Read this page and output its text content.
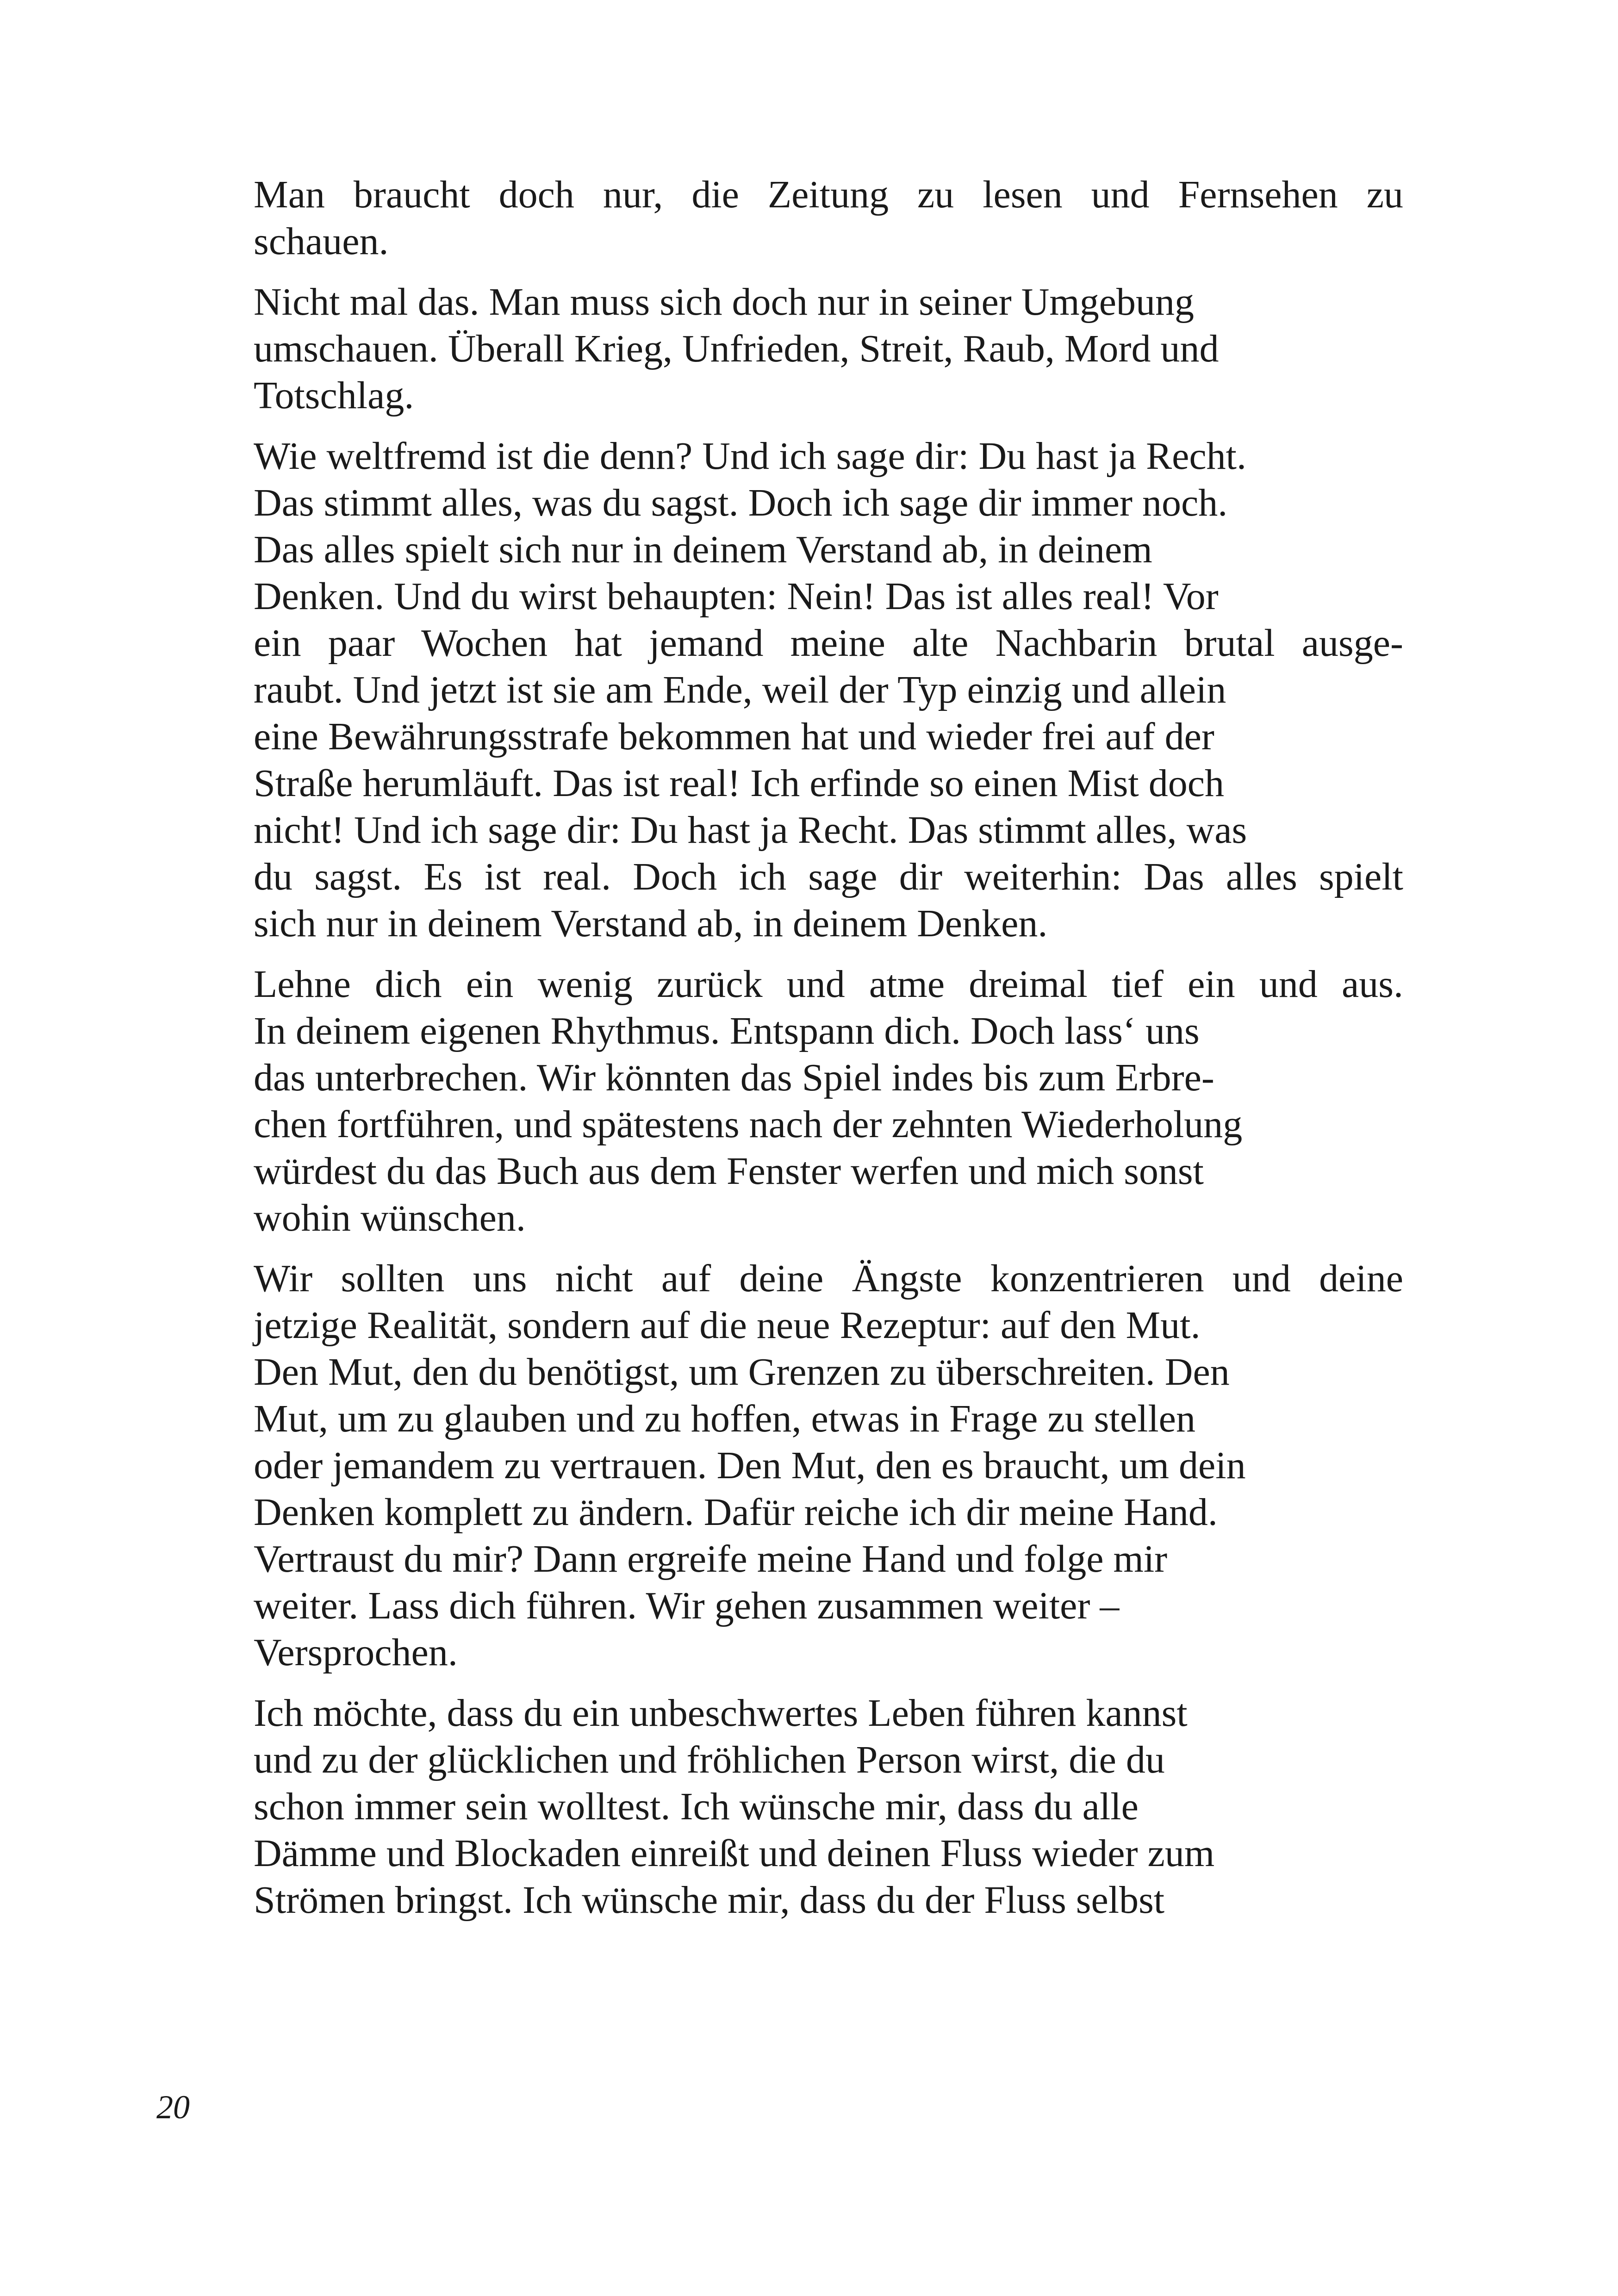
Man braucht doch nur, die Zeitung zu lesen und Fernsehen zu
schauen.

Nicht mal das. Man muss sich doch nur in seiner Umgebung
umschauen. Überall Krieg, Unfrieden, Streit, Raub, Mord und
Totschlag.

Wie weltfremd ist die denn? Und ich sage dir: Du hast ja Recht.
Das stimmt alles, was du sagst. Doch ich sage dir immer noch.
Das alles spielt sich nur in deinem Verstand ab, in deinem
Denken. Und du wirst behaupten: Nein! Das ist alles real! Vor
ein paar Wochen hat jemand meine alte Nachbarin brutal ausge-
raubt. Und jetzt ist sie am Ende, weil der Typ einzig und allein
eine Bewährungsstrafe bekommen hat und wieder frei auf der
Straße herumläuft. Das ist real! Ich erfinde so einen Mist doch
nicht! Und ich sage dir: Du hast ja Recht. Das stimmt alles, was
du sagst. Es ist real. Doch ich sage dir weiterhin: Das alles spielt
sich nur in deinem Verstand ab, in deinem Denken.

Lehne dich ein wenig zurück und atme dreimal tief ein und aus.
In deinem eigenen Rhythmus. Entspann dich. Doch lass‘ uns
das unterbrechen. Wir könnten das Spiel indes bis zum Erbre-
chen fortführen, und spätestens nach der zehnten Wiederholung
würdest du das Buch aus dem Fenster werfen und mich sonst
wohin wünschen.

Wir sollten uns nicht auf deine Ängste konzentrieren und deine
jetzige Realität, sondern auf die neue Rezeptur: auf den Mut.
Den Mut, den du benötigst, um Grenzen zu überschreiten. Den
Mut, um zu glauben und zu hoffen, etwas in Frage zu stellen
oder jemandem zu vertrauen. Den Mut, den es braucht, um dein
Denken komplett zu ändern. Dafür reiche ich dir meine Hand.
Vertraust du mir? Dann ergreife meine Hand und folge mir
weiter. Lass dich führen. Wir gehen zusammen weiter –
Versprochen.

Ich möchte, dass du ein unbeschwertes Leben führen kannst
und zu der glücklichen und fröhlichen Person wirst, die du
schon immer sein wolltest. Ich wünsche mir, dass du alle
Dämme und Blockaden einreißt und deinen Fluss wieder zum
Strömen bringst. Ich wünsche mir, dass du der Fluss selbst

20
